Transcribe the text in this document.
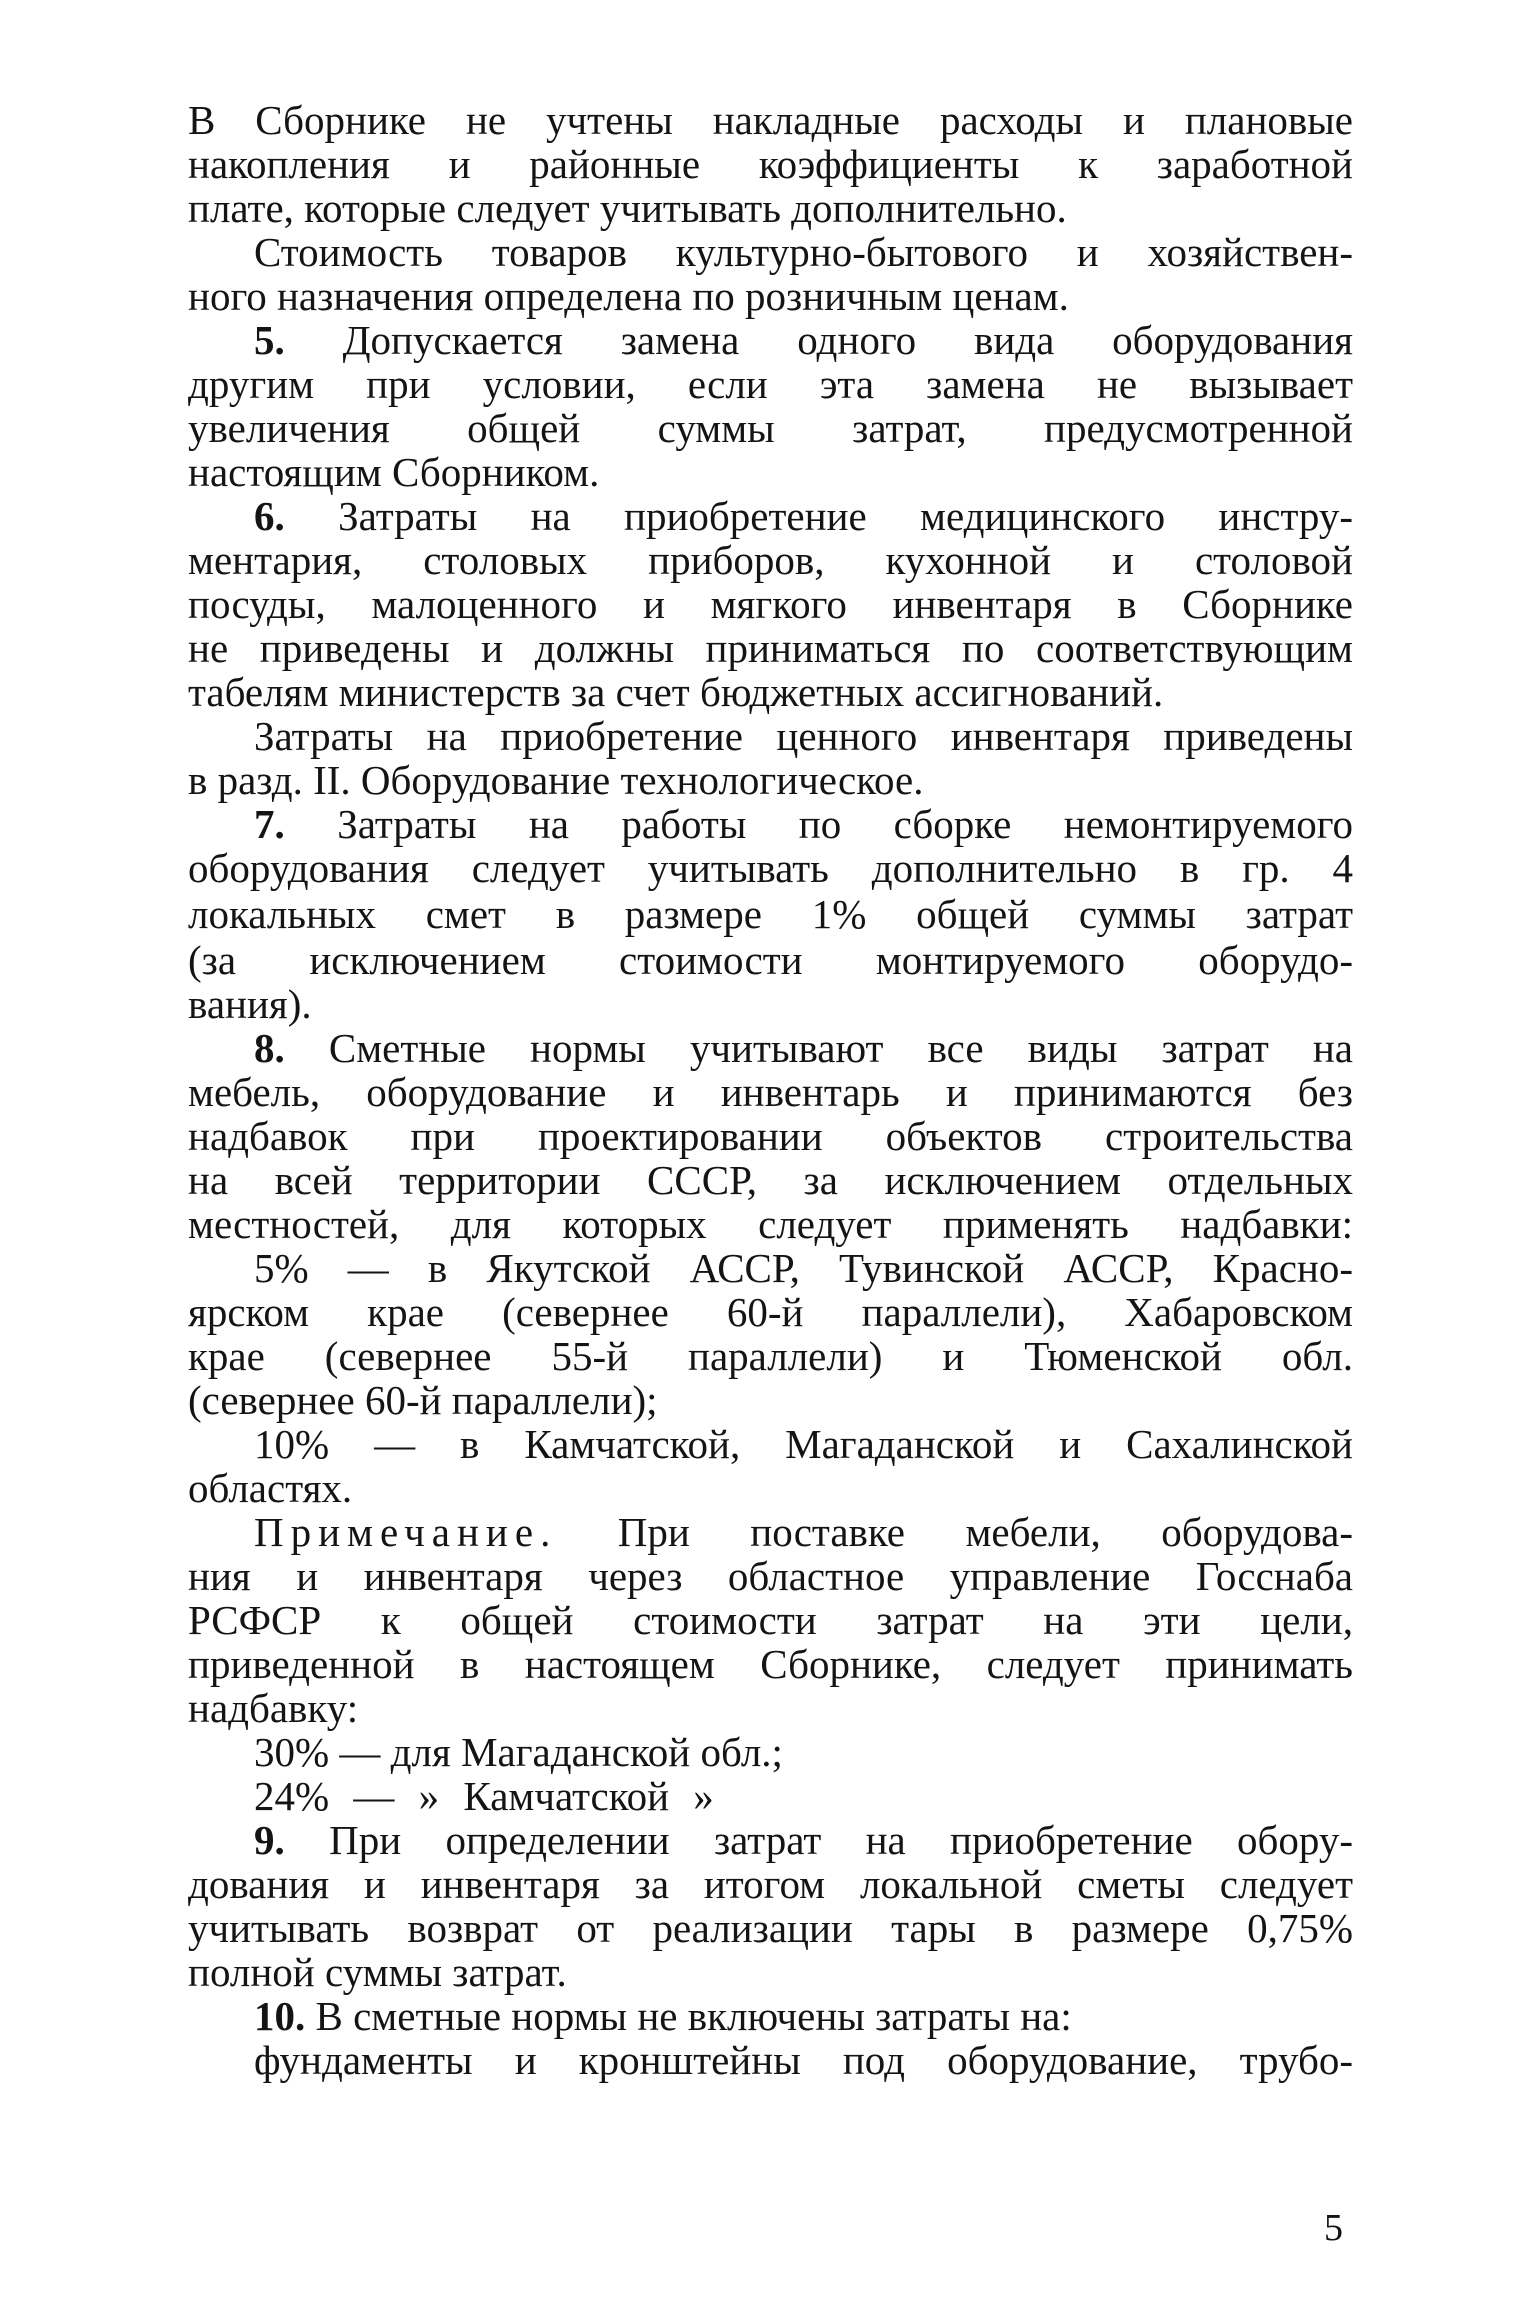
В Сборнике не учтены накладные расходы и плановые

накопления и районные коэффициенты к заработной

плате, которые следует учитывать дополнительно.

Стоимость товаров культурно-бытового и хозяйствен-

ного назначения определена по розничным ценам.

5. Допускается замена одного вида оборудования

другим при условии, если эта замена не вызывает

увеличения общей суммы затрат, предусмотренной

настоящим Сборником.

6. Затраты на приобретение медицинского инстру-

ментария, столовых приборов, кухонной и столовой

посуды, малоценного и мягкого инвентаря в Сборнике

не приведены и должны приниматься по соответствующим

табелям министерств за счет бюджетных ассигнований.

Затраты на приобретение ценного инвентаря приведены

в разд. II. Оборудование технологическое.

7. Затраты на работы по сборке немонтируемого

оборудования следует учитывать дополнительно в гр. 4

локальных смет в размере 1% общей суммы затрат

(за исключением стоимости монтируемого оборудо-

вания).

8. Сметные нормы учитывают все виды затрат на

мебель, оборудование и инвентарь и принимаются без

надбавок при проектировании объектов строительства

на всей территории СССР, за исключением отдельных

местностей, для которых следует применять надбавки:

5% — в Якутской АССР, Тувинской АССР, Красно-

ярском крае (севернее 60-й параллели), Хабаровском

крае (севернее 55-й параллели) и Тюменской обл.

(севернее 60-й параллели);

10% — в Камчатской, Магаданской и Сахалинской

областях.

Примечание. При поставке мебели, оборудова-

ния и инвентаря через областное управление Госснаба

РСФСР к общей стоимости затрат на эти цели,

приведенной в настоящем Сборнике, следует принимать

надбавку:

30% — для Магаданской обл.;

24% — » Камчатской »

9. При определении затрат на приобретение обору-

дования и инвентаря за итогом локальной сметы следует

учитывать возврат от реализации тары в размере 0,75%

полной суммы затрат.

10. В сметные нормы не включены затраты на:

фундаменты и кронштейны под оборудование, трубо-

5
